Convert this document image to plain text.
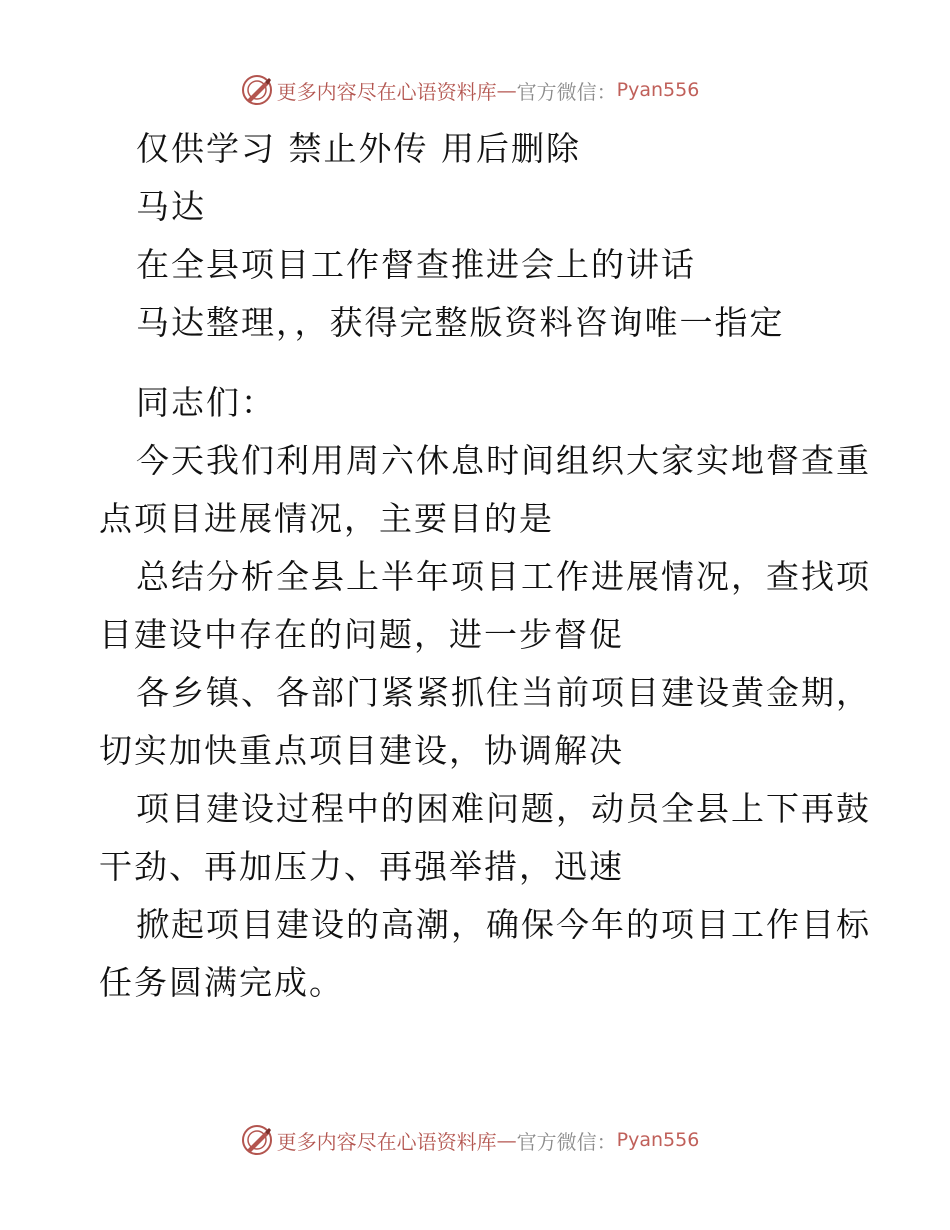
更多内容尽在心语资料库 — 官方微信： Pyan556
仅供学习 禁止外传 用后删除
马达
在全县项目工作督查推进会上的讲话
马达整理，，获得完整版资料咨询唯一指定
同志们：
今天我们利用周六休息时间组织大家实地督查重
点项目进展情况，主要目的是
总结分析全县上半年项目工作进展情况，查找项
目建设中存在的问题，进一步督促
各乡镇、各部门紧紧抓住当前项目建设黄金期，
切实加快重点项目建设，协调解决
项目建设过程中的困难问题，动员全县上下再鼓
干劲、再加压力、再强举措，迅速
掀起项目建设的高潮，确保今年的项目工作目标
任务圆满完成。
更多内容尽在心语资料库 — 官方微信： Pyan556
